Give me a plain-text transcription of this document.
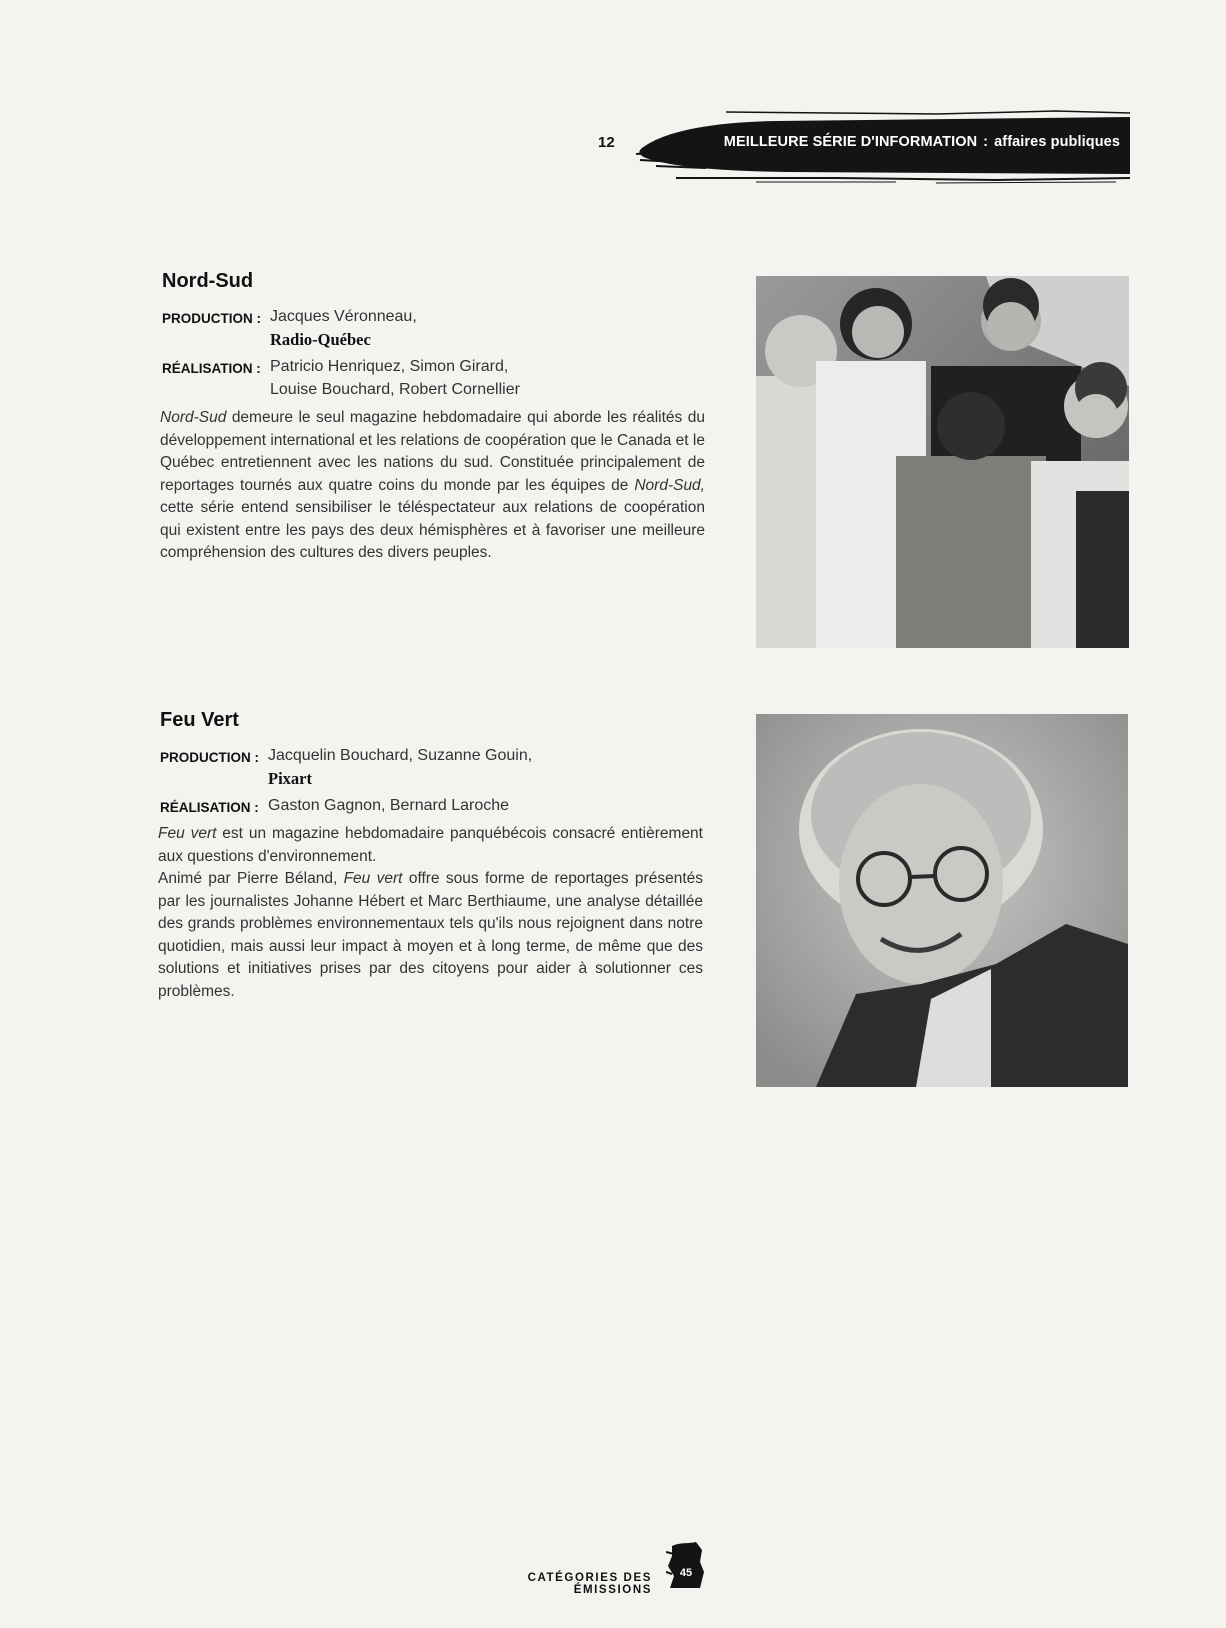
12	MEILLEURE SÉRIE D'INFORMATION : affaires publiques
Nord-Sud
PRODUCTION : Jacques Véronneau,
Radio-Québec
RÉALISATION : Patricio Henriquez, Simon Girard,
Louise Bouchard, Robert Cornellier

Nord-Sud demeure le seul magazine hebdomadaire qui aborde les réalités du développement international et les relations de coopération que le Canada et le Québec entretiennent avec les nations du sud. Constituée principalement de reportages tournés aux quatre coins du monde par les équipes de Nord-Sud, cette série entend sensibiliser le téléspectateur aux relations de coopération qui existent entre les pays des deux hémisphères et à favoriser une meilleure compréhension des cultures des divers peuples.

Feu Vert
PRODUCTION : Jacquelin Bouchard, Suzanne Gouin,
Pixart
RÉALISATION : Gaston Gagnon, Bernard Laroche

Feu vert est un magazine hebdomadaire panquébécois consacré entièrement aux questions d'environnement.

Animé par Pierre Béland, Feu vert offre sous forme de reportages présentés par les journalistes Johanne Hébert et Marc Berthiaume, une analyse détaillée des grands problèmes environnementaux tels qu'ils nous rejoignent dans notre quotidien, mais aussi leur impact à moyen et à long terme, de même que des solutions et initiatives prises par des citoyens pour aider à solutionner ces problèmes.

CATÉGORIES DES ÉMISSIONS
45
